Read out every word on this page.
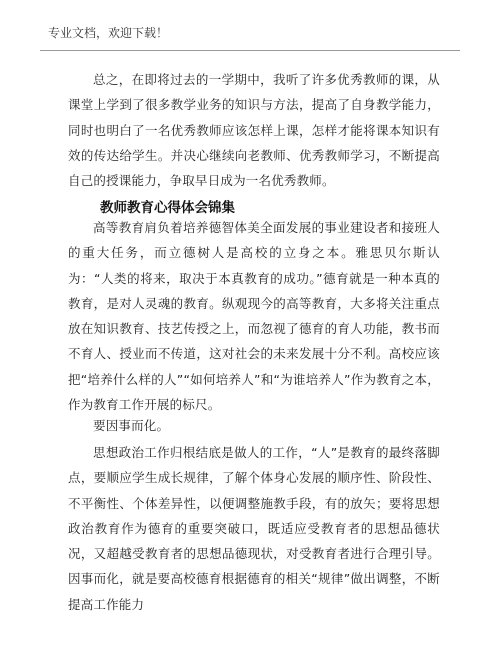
专业文档，欢迎下载！
总之，在即将过去的一学期中，我听了许多优秀教师的课，从课堂上学到了很多教学业务的知识与方法，提高了自身教学能力，同时也明白了一名优秀教师应该怎样上课，怎样才能将课本知识有效的传达给学生。并决心继续向老教师、优秀教师学习，不断提高自己的授课能力，争取早日成为一名优秀教师。
教师教育心得体会锦集
高等教育肩负着培养德智体美全面发展的事业建设者和接班人的重大任务，而立德树人是高校的立身之本。雅思贝尔斯认为：“人类的将来，取决于本真教育的成功。”德育就是一种本真的教育，是对人灵魂的教育。纵观现今的高等教育，大多将关注重点放在知识教育、技艺传授之上，而忽视了德育的育人功能，教书而不育人、授业而不传道，这对社会的未来发展十分不利。高校应该把“培养什么样的人”“如何培养人”和“为谁培养人”作为教育之本，作为教育工作开展的标尺。
要因事而化。
思想政治工作归根结底是做人的工作，“人”是教育的最终落脚点，要顺应学生成长规律，了解个体身心发展的顺序性、阶段性、不平衡性、个体差异性，以便调整施教手段，有的放矢；要将思想政治教育作为德育的重要突破口，既适应受教育者的思想品德状况，又超越受教育者的思想品德现状，对受教育者进行合理引导。因事而化，就是要高校德育根据德育的相关“规律”做出调整，不断提高工作能力
